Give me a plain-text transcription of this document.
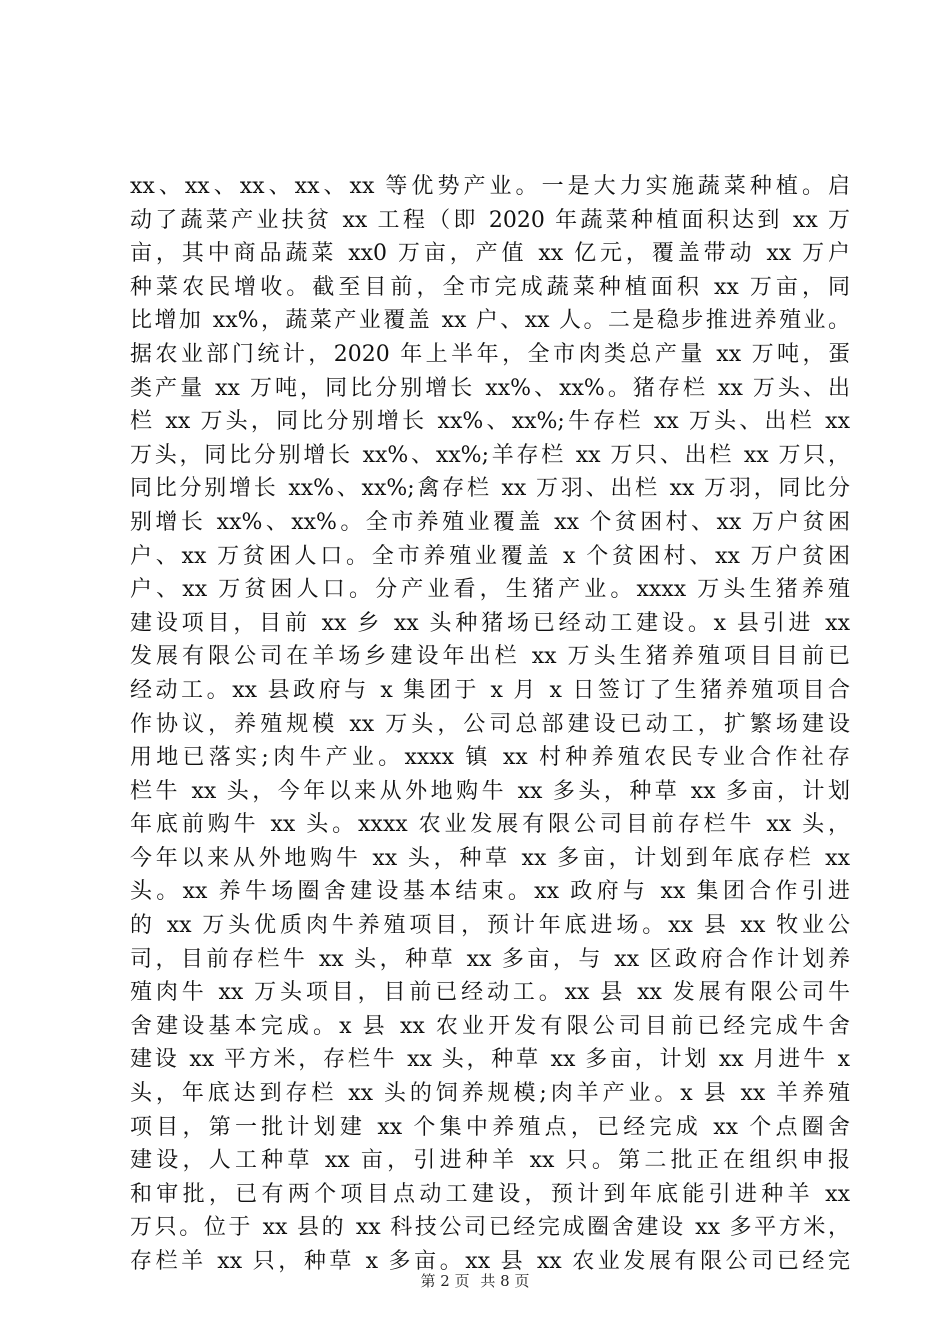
xx、xx、xx、xx、xx 等优势产业。一是大力实施蔬菜种植。启
动了蔬菜产业扶贫 xx 工程（即 2020 年蔬菜种植面积达到 xx 万
亩，其中商品蔬菜 xx0 万亩，产值 xx 亿元，覆盖带动 xx 万户
种菜农民增收。截至目前，全市完成蔬菜种植面积 xx 万亩，同
比增加 xx%，蔬菜产业覆盖 xx 户、xx 人。二是稳步推进养殖业。
据农业部门统计，2020 年上半年，全市肉类总产量 xx 万吨，蛋
类产量 xx 万吨，同比分别增长 xx%、xx%。猪存栏 xx 万头、出
栏 xx 万头，同比分别增长 xx%、xx%;牛存栏 xx 万头、出栏 xx
万头，同比分别增长 xx%、xx%;羊存栏 xx 万只、出栏 xx 万只，
同比分别增长 xx%、xx%;禽存栏 xx 万羽、出栏 xx 万羽，同比分
别增长 xx%、xx%。全市养殖业覆盖 xx 个贫困村、xx 万户贫困
户、xx 万贫困人口。全市养殖业覆盖 x 个贫困村、xx 万户贫困
户、xx 万贫困人口。分产业看，生猪产业。xxxx 万头生猪养殖
建设项目，目前 xx 乡 xx 头种猪场已经动工建设。x 县引进 xx
发展有限公司在羊场乡建设年出栏 xx 万头生猪养殖项目目前已
经动工。xx 县政府与 x 集团于 x 月 x 日签订了生猪养殖项目合
作协议，养殖规模 xx 万头，公司总部建设已动工，扩繁场建设
用地已落实;肉牛产业。xxxx 镇 xx 村种养殖农民专业合作社存
栏牛 xx 头，今年以来从外地购牛 xx 多头，种草 xx 多亩，计划
年底前购牛 xx 头。xxxx 农业发展有限公司目前存栏牛 xx 头，
今年以来从外地购牛 xx 头，种草 xx 多亩，计划到年底存栏 xx
头。xx 养牛场圈舍建设基本结束。xx 政府与 xx 集团合作引进
的 xx 万头优质肉牛养殖项目，预计年底进场。xx 县 xx 牧业公
司，目前存栏牛 xx 头，种草 xx 多亩，与 xx 区政府合作计划养
殖肉牛 xx 万头项目，目前已经动工。xx 县 xx 发展有限公司牛
舍建设基本完成。x 县 xx 农业开发有限公司目前已经完成牛舍
建设 xx 平方米，存栏牛 xx 头，种草 xx 多亩，计划 xx 月进牛 x
头，年底达到存栏 xx 头的饲养规模;肉羊产业。x 县 xx 羊养殖
项目，第一批计划建 xx 个集中养殖点，已经完成 xx 个点圈舍
建设，人工种草 xx 亩，引进种羊 xx 只。第二批正在组织申报
和审批，已有两个项目点动工建设，预计到年底能引进种羊 xx
万只。位于 xx 县的 xx 科技公司已经完成圈舍建设 xx 多平方米，
存栏羊 xx 只，种草 x 多亩。xx 县 xx 农业发展有限公司已经完
第 2 页 共 8 页
